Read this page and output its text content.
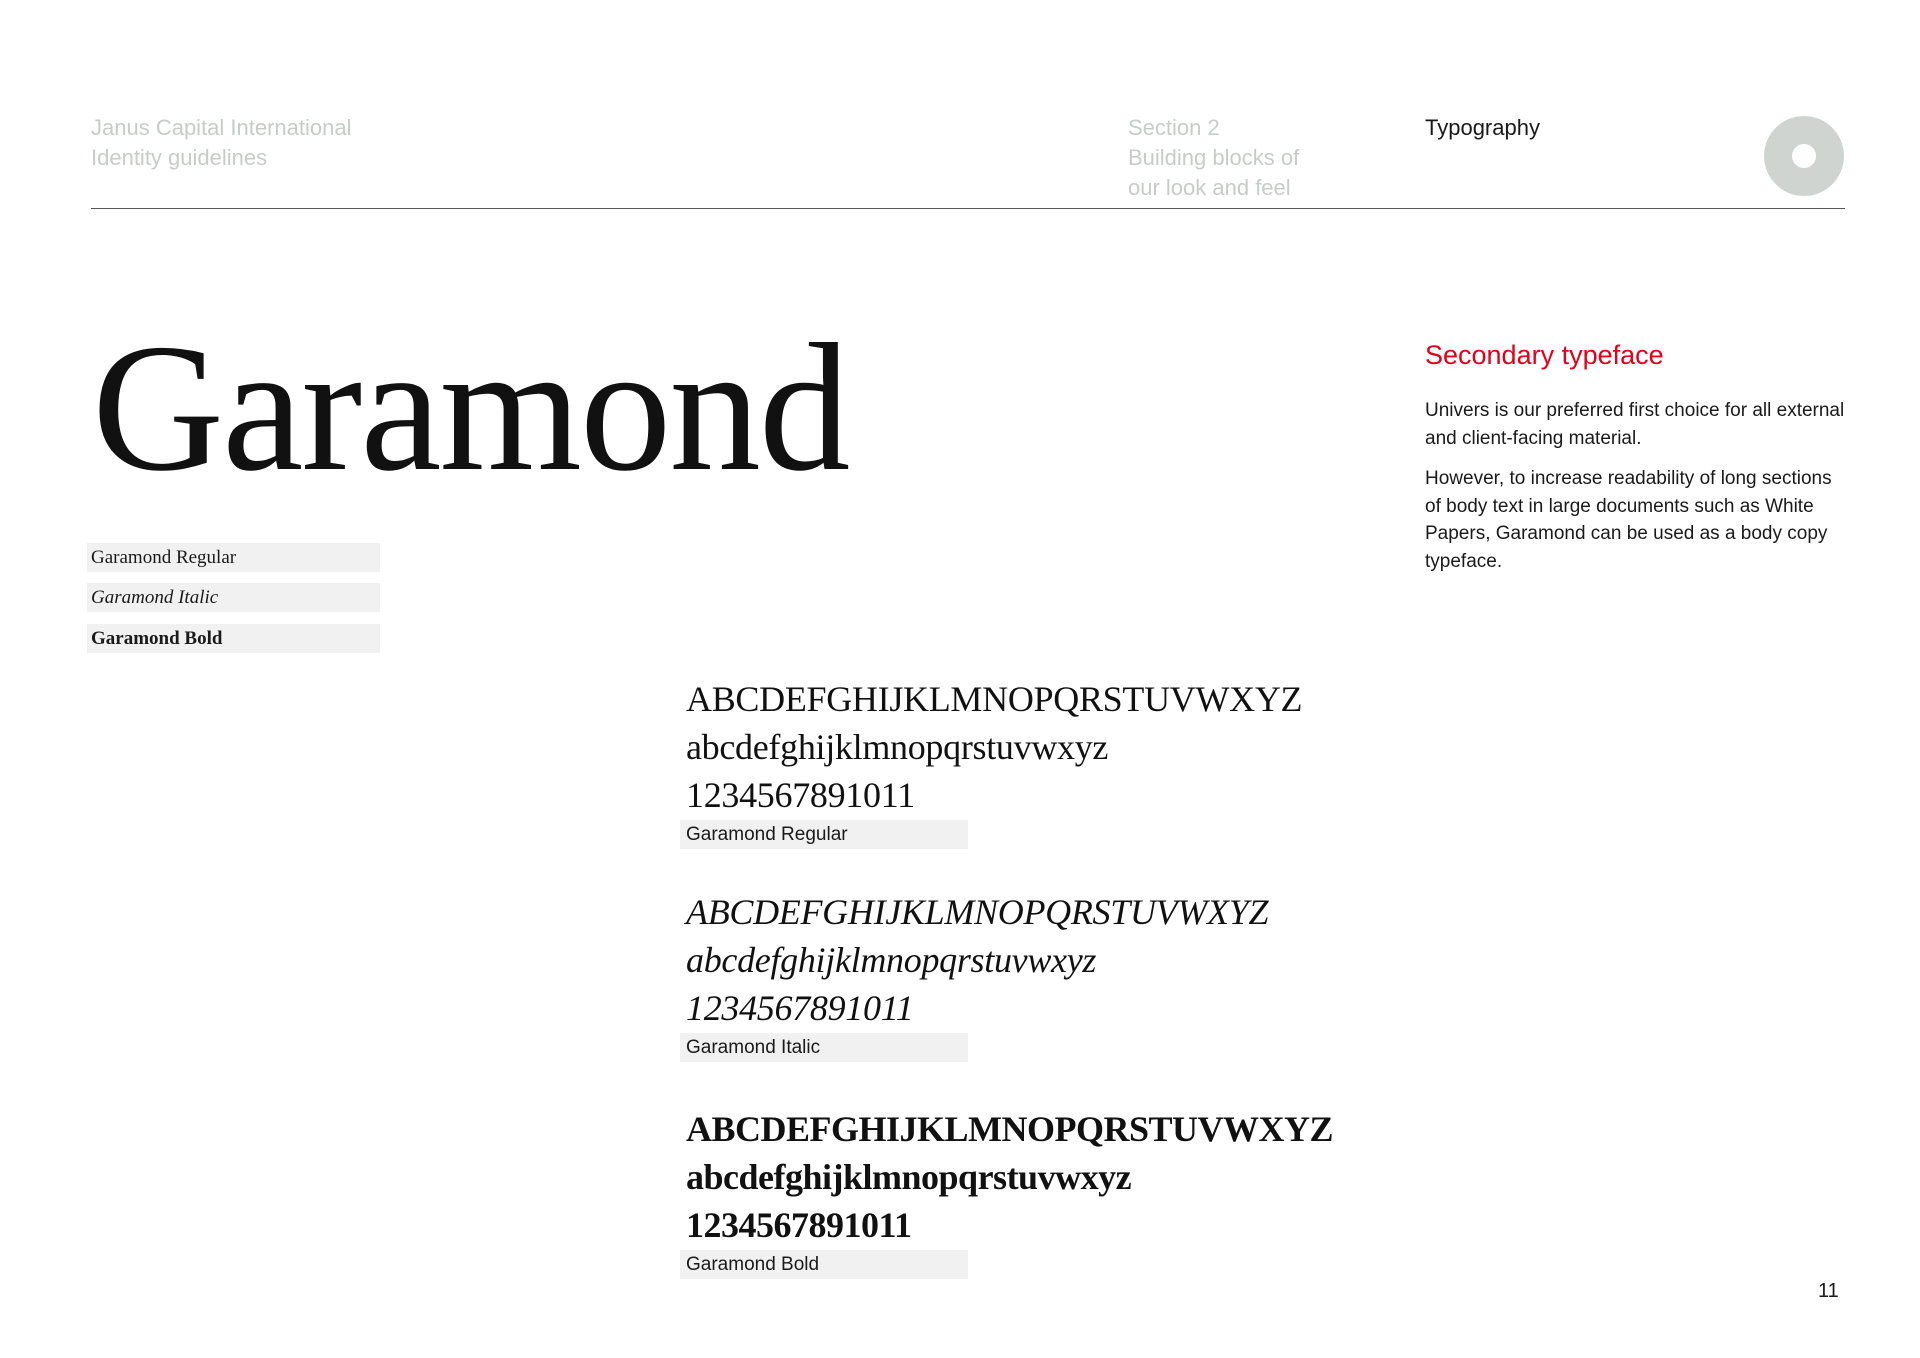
Janus Capital International
Identity guidelines
Section 2
Building blocks of
our look and feel
Typography
Garamond
Garamond Regular
Garamond Italic
Garamond Bold
ABCDEFGHIJKLMNOPQRSTUVWXYZ
abcdefghijklmnopqrstuvwxyz
1234567891011
Garamond Regular
ABCDEFGHIJKLMNOPQRSTUVWXYZ
abcdefghijklmnopqrstuvwxyz
1234567891011
Garamond Italic
ABCDEFGHIJKLMNOPQRSTUVWXYZ
abcdefghijklmnopqrstuvwxyz
1234567891011
Garamond Bold
Secondary typeface

Univers is our preferred first choice for all external and client-facing material.

However, to increase readability of long sections of body text in large documents such as White Papers, Garamond can be used as a body copy typeface.

11
